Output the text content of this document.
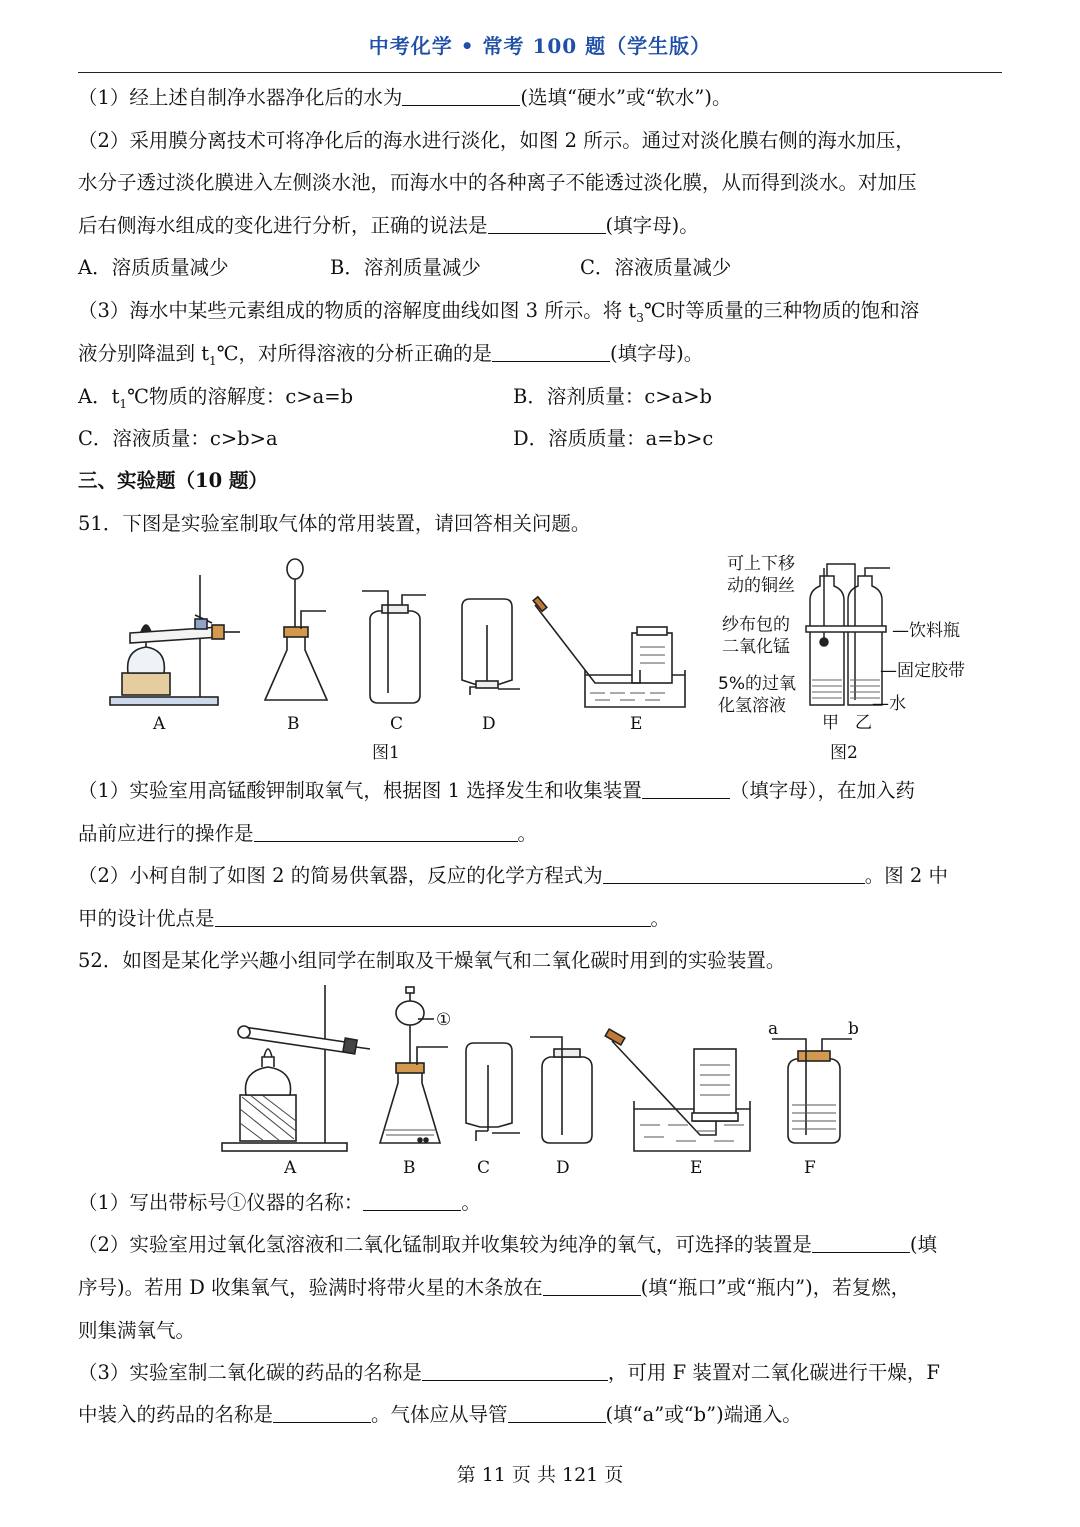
中考化学 • 常考 100 题（学生版）
（1）经上述自制净水器净化后的水为	(选填“硬水”或“软水”)。
（2）采用膜分离技术可将净化后的海水进行淡化，如图 2 所示。通过对淡化膜右侧的海水加压，
水分子透过淡化膜进入左侧淡水池，而海水中的各种离子不能透过淡化膜，从而得到淡水。对加压
后右侧海水组成的变化进行分析，正确的说法是	(填字母)。
A．溶质质量减少	B．溶剂质量减少	C．溶液质量减少
（3）海水中某些元素组成的物质的溶解度曲线如图 3 所示。将 $t_3℃$时等质量的三种物质的饱和溶
液分别降温到 $t_1℃$，对所得溶液的分析正确的是	(填字母)。
A．$t_1℃$物质的溶解度：c>a=b	B．溶剂质量：c>a>b
C．溶液质量：c>b>a	D．溶质质量：a=b>c
三、实验题（10 题）
51．下图是实验室制取气体的常用装置，请回答相关问题。
A	B	C	D	E
图1
可上下移
动的铜丝
纱布包的
二氧化锰
5%的过氧
化氢溶液
—饮料瓶
—固定胶带
—水
甲 乙
图2
（1）实验室用高锰酸钾制取氧气，根据图 1 选择发生和收集装置	（填字母），在加入药
品前应进行的操作是	。
（2）小柯自制了如图 2 的简易供氧器，反应的化学方程式为	。图 2 中
甲的设计优点是	。
52．如图是某化学兴趣小组同学在制取及干燥氧气和二氧化碳时用到的实验装置。
①	a	b
A	B	C	D	E	F
（1）写出带标号①仪器的名称：	。
（2）实验室用过氧化氢溶液和二氧化锰制取并收集较为纯净的氧气，可选择的装置是	(填
序号)。若用 D 收集氧气，验满时将带火星的木条放在	(填“瓶口”或“瓶内”)，若复燃，
则集满氧气。
（3）实验室制二氧化碳的药品的名称是	，可用 F 装置对二氧化碳进行干燥，F
中装入的药品的名称是	。气体应从导管	(填“a”或“b”)端通入。
第 11 页 共 121 页
